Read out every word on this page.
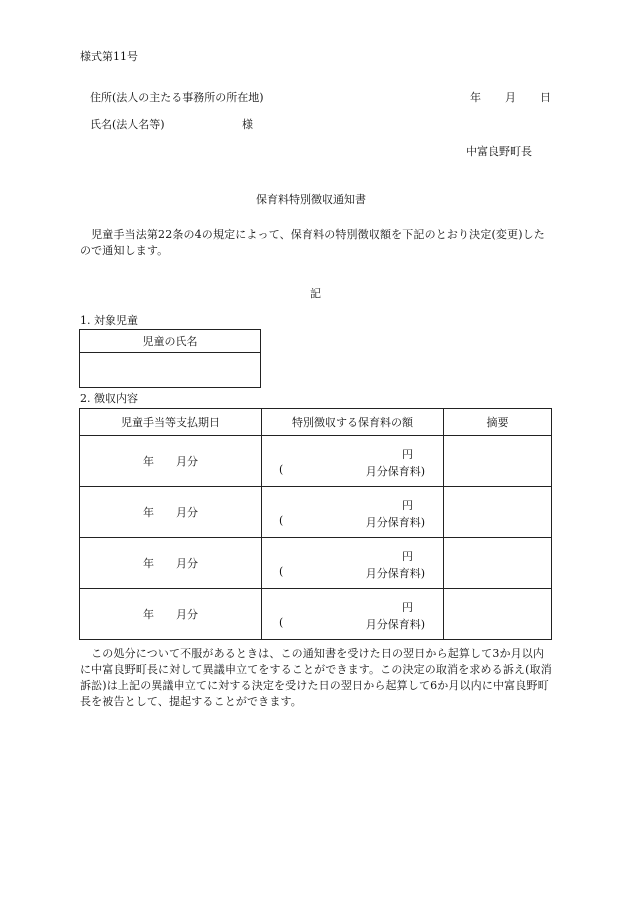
様式第11号
住所(法人の主たる事務所の所在地)	年 月 日
氏名(法人名等)	様
中富良野町長
保育料特別徴収通知書
　児童手当法第22条の4の規定によって、保育料の特別徴収額を下記のとおり決定(変更)したので通知します。
記
1. 対象児童
児童の氏名

2. 徴収内容
児童手当等支払期日	特別徴収する保育料の額	摘要
年　　月分	円
( 月分保育料)	

年　　月分	円
( 月分保育料)	

年　　月分	円
( 月分保育料)	

年　　月分	円
( 月分保育料)	

　この処分について不服があるときは、この通知書を受けた日の翌日から起算して3か月以内に中富良野町長に対して異議申立てをすることができます。この決定の取消を求める訴え(取消訴訟)は上記の異議申立てに対する決定を受けた日の翌日から起算して6か月以内に中富良野町長を被告として、提起することができます。
